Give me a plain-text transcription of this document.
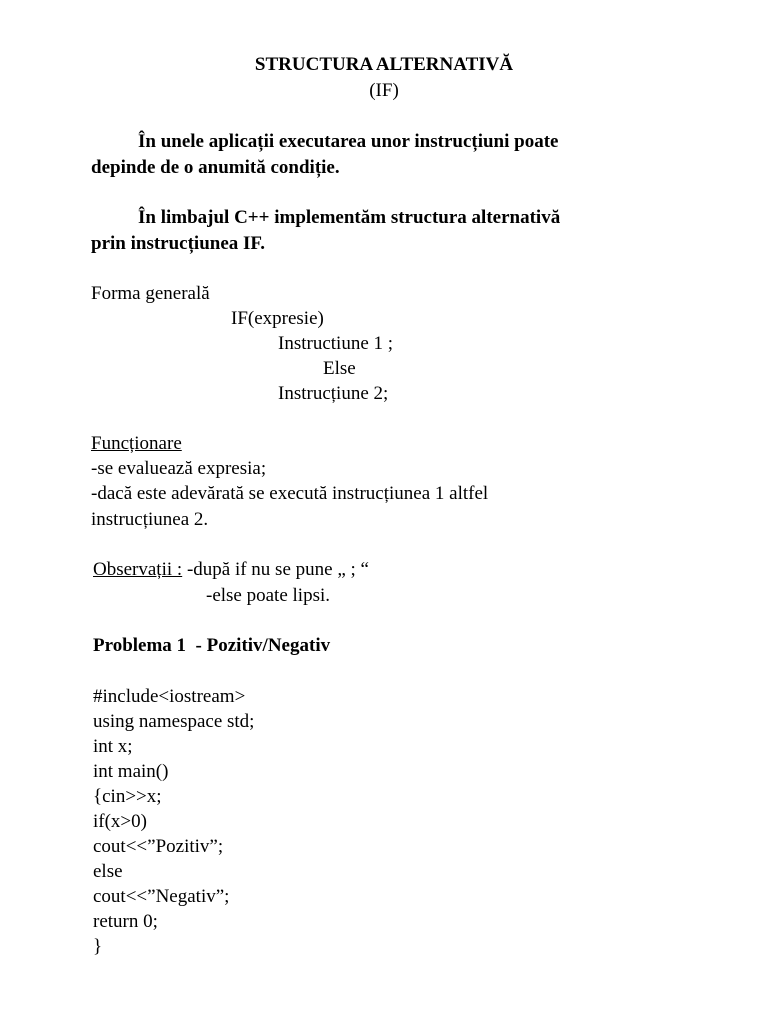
STRUCTURA ALTERNATIVĂ
(IF)
În unele aplicații executarea unor instrucțiuni poate
depinde de o anumită condiție.
În limbajul C++ implementăm structura alternativă
prin instrucțiunea IF.
Forma generală
IF(expresie)
Instructiune 1 ;
Else
Instrucțiune 2;
Funcționare
-se evaluează expresia;
-dacă este adevărată se execută instrucțiunea 1 altfel
instrucțiunea 2.
Observații : -după if nu se pune „ ; “
-else poate lipsi.
Problema 1  - Pozitiv/Negativ
#include<iostream>
using namespace std;
int x;
int main()
{cin>>x;
if(x>0)
cout<<”Pozitiv”;
else
cout<<”Negativ”;
return 0;
}
